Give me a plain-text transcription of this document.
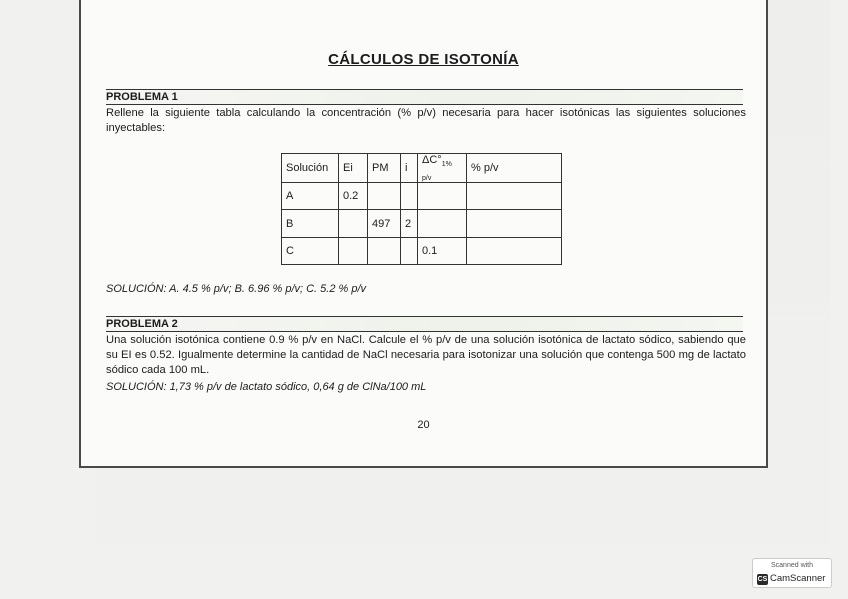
CÁLCULOS DE ISOTONÍA
PROBLEMA 1
Rellene la siguiente tabla calculando la concentración (% p/v) necesaria para hacer isotónicas las siguientes soluciones inyectables:
Solución	Ei	PM	i	$\Delta C^\circ_{1\% p/v}$	% p/v
A	0.2				
B		497	2		
C				0.1	
SOLUCIÓN: A. 4.5 % p/v; B. 6.96 % p/v; C. 5.2 % p/v
PROBLEMA 2
Una solución isotónica contiene 0.9 % p/v en NaCl. Calcule el % p/v de una solución isotónica de lactato sódico, sabiendo que su EI es 0.52. Igualmente determine la cantidad de NaCl necesaria para isotonizar una solución que contenga 500 mg de lactato sódico cada 100 mL.
SOLUCIÓN: 1,73 % p/v de lactato sódico, 0,64 g de ClNa/100 mL
20
Scanned with
CS CamScanner
